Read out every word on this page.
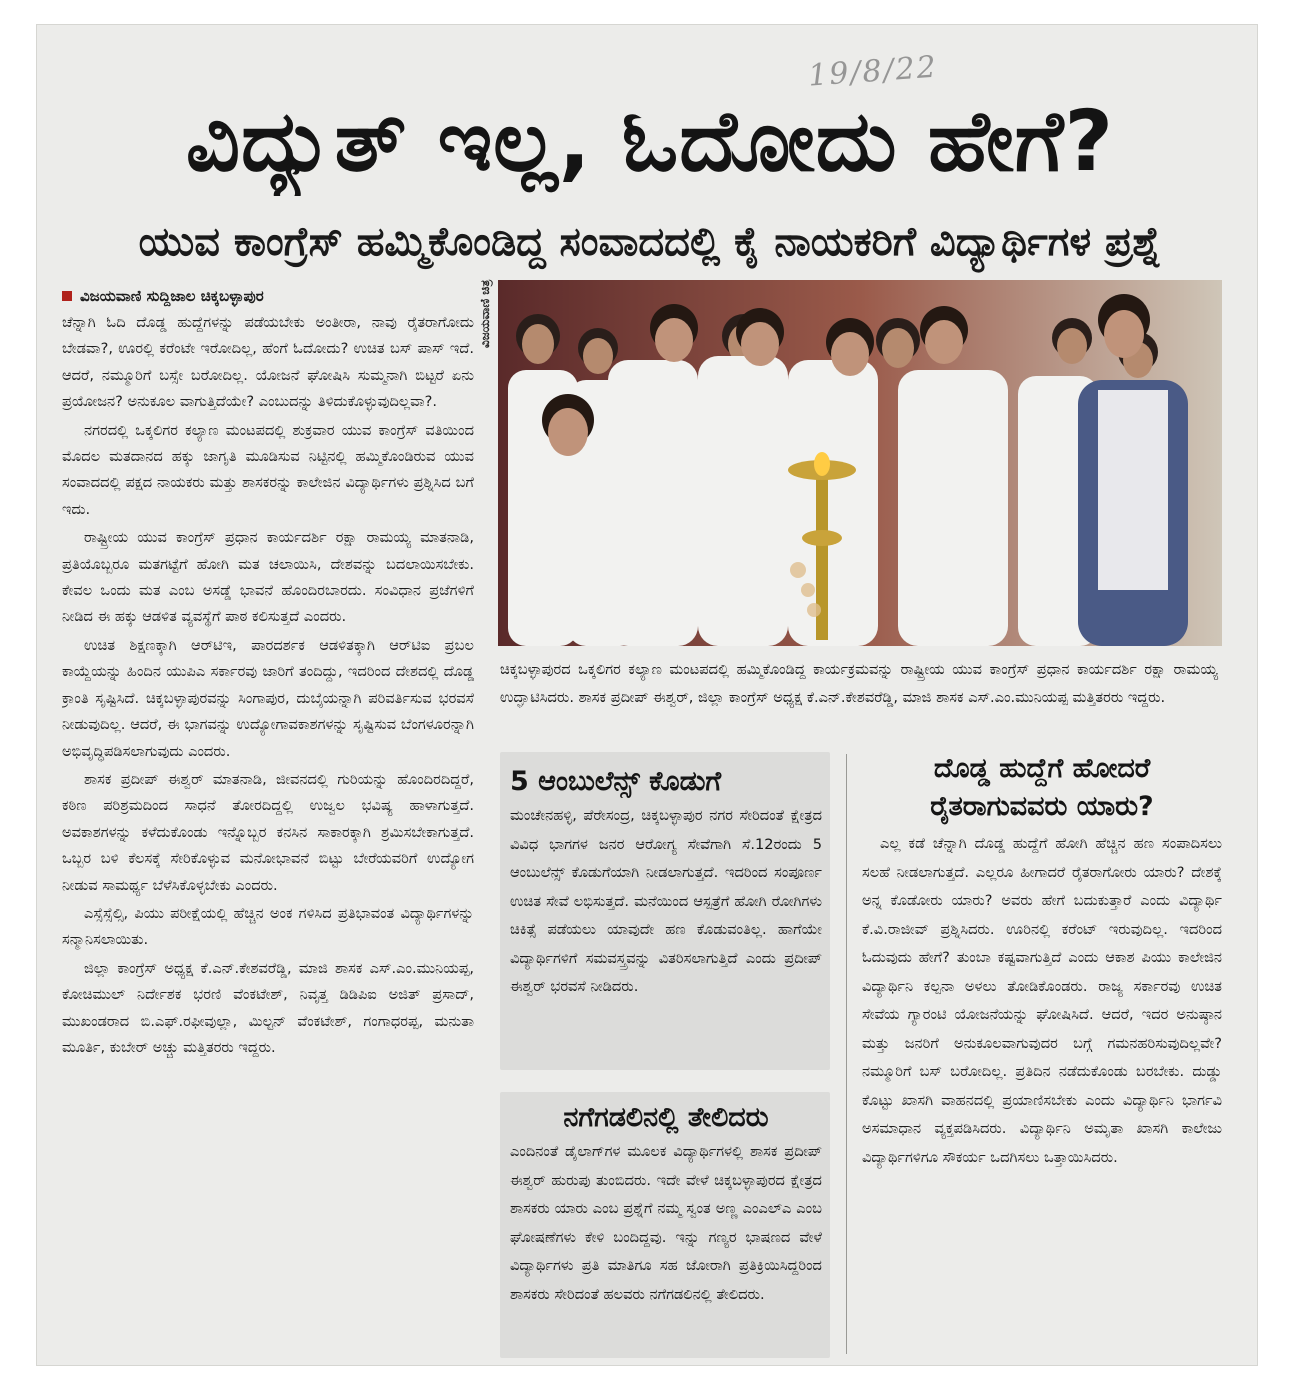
19/8/22
ವಿದ್ಯುತ್ ಇಲ್ಲ, ಓದೋದು ಹೇಗೆ?
ಯುವ ಕಾಂಗ್ರೆಸ್ ಹಮ್ಮಿಕೊಂಡಿದ್ದ ಸಂವಾದದಲ್ಲಿ ಕೈ ನಾಯಕರಿಗೆ ವಿದ್ಯಾರ್ಥಿಗಳ ಪ್ರಶ್ನೆ
ವಿಜಯವಾಣಿ ಸುದ್ದಿಜಾಲ ಚಿಕ್ಕಬಳ್ಳಾಪುರ

ಚೆನ್ನಾಗಿ ಓದಿ ದೊಡ್ಡ ಹುದ್ದೆಗಳನ್ನು ಪಡೆಯಬೇಕು ಅಂತೀರಾ, ನಾವು ರೈತರಾಗೋದು ಬೇಡವಾ?, ಊರಲ್ಲಿ ಕರೆಂಟೇ ಇರೋದಿಲ್ಲ, ಹೆಂಗೆ ಓದೋದು? ಉಚಿತ ಬಸ್ ಪಾಸ್ ಇದೆ. ಆದರೆ, ನಮ್ಮೂರಿಗೆ ಬಸ್ಸೇ ಬರೋದಿಲ್ಲ. ಯೋಜನೆ ಘೋಷಿಸಿ ಸುಮ್ಮನಾಗಿ ಬಿಟ್ಟರೆ ಏನು ಪ್ರಯೋಜನ? ಅನುಕೂಲ ವಾಗುತ್ತಿದೆಯೇ? ಎಂಬುದನ್ನು ತಿಳಿದುಕೊಳ್ಳುವುದಿಲ್ಲವಾ?.

ನಗರದಲ್ಲಿ ಒಕ್ಕಲಿಗರ ಕಲ್ಯಾಣ ಮಂಟಪದಲ್ಲಿ ಶುಕ್ರವಾರ ಯುವ ಕಾಂಗ್ರೆಸ್ ವತಿಯಿಂದ ಮೊದಲ ಮತದಾನದ ಹಕ್ಕು ಜಾಗೃತಿ ಮೂಡಿಸುವ ನಿಟ್ಟಿನಲ್ಲಿ ಹಮ್ಮಿಕೊಂಡಿರುವ ಯುವ ಸಂವಾದದಲ್ಲಿ ಪಕ್ಷದ ನಾಯಕರು ಮತ್ತು ಶಾಸಕರನ್ನು ಕಾಲೇಜಿನ ವಿದ್ಯಾರ್ಥಿಗಳು ಪ್ರಶ್ನಿಸಿದ ಬಗೆ ಇದು.

ರಾಷ್ಟ್ರೀಯ ಯುವ ಕಾಂಗ್ರೆಸ್ ಪ್ರಧಾನ ಕಾರ್ಯದರ್ಶಿ ರಕ್ಷಾ ರಾಮಯ್ಯ ಮಾತನಾಡಿ, ಪ್ರತಿಯೊಬ್ಬರೂ ಮತಗಟ್ಟೆಗೆ ಹೋಗಿ ಮತ ಚಲಾಯಿಸಿ, ದೇಶವನ್ನು ಬದಲಾಯಿಸಬೇಕು. ಕೇವಲ ಒಂದು ಮತ ಎಂಬ ಅಸಡ್ಡೆ ಭಾವನೆ ಹೊಂದಿರಬಾರದು. ಸಂವಿಧಾನ ಪ್ರಜೆಗಳಿಗೆ ನೀಡಿದ ಈ ಹಕ್ಕು ಆಡಳಿತ ವ್ಯವಸ್ಥೆಗೆ ಪಾಠ ಕಲಿಸುತ್ತದೆ ಎಂದರು.

ಉಚಿತ ಶಿಕ್ಷಣಕ್ಕಾಗಿ ಆರ್‌ಟಿಇ, ಪಾರದರ್ಶಕ ಆಡಳಿತಕ್ಕಾಗಿ ಆರ್‌ಟಿಐ ಪ್ರಬಲ ಕಾಯ್ದೆಯನ್ನು ಹಿಂದಿನ ಯುಪಿಎ ಸರ್ಕಾರವು ಜಾರಿಗೆ ತಂದಿದ್ದು, ಇದರಿಂದ ದೇಶದಲ್ಲಿ ದೊಡ್ಡ ಕ್ರಾಂತಿ ಸೃಷ್ಟಿಸಿದೆ. ಚಿಕ್ಕಬಳ್ಳಾಪುರವನ್ನು ಸಿಂಗಾಪುರ, ದುಬೈಯನ್ನಾಗಿ ಪರಿವರ್ತಿಸುವ ಭರವಸೆ ನೀಡುವುದಿಲ್ಲ. ಆದರೆ, ಈ ಭಾಗವನ್ನು ಉದ್ಯೋಗಾವಕಾಶಗಳನ್ನು ಸೃಷ್ಟಿಸುವ ಬೆಂಗಳೂರನ್ನಾಗಿ ಅಭಿವೃದ್ಧಿಪಡಿಸಲಾಗುವುದು ಎಂದರು.

ಶಾಸಕ ಪ್ರದೀಪ್ ಈಶ್ವರ್ ಮಾತನಾಡಿ, ಜೀವನದಲ್ಲಿ ಗುರಿಯನ್ನು ಹೊಂದಿರದಿದ್ದರೆ, ಕಠಿಣ ಪರಿಶ್ರಮದಿಂದ ಸಾಧನೆ ತೋರದಿದ್ದಲ್ಲಿ ಉಜ್ವಲ ಭವಿಷ್ಯ ಹಾಳಾಗುತ್ತದೆ. ಅವಕಾಶಗಳನ್ನು ಕಳೆದುಕೊಂಡು ಇನ್ನೊಬ್ಬರ ಕನಸಿನ ಸಾಕಾರಕ್ಕಾಗಿ ಶ್ರಮಿಸಬೇಕಾಗುತ್ತದೆ. ಒಬ್ಬರ ಬಳಿ ಕೆಲಸಕ್ಕೆ ಸೇರಿಕೊಳ್ಳುವ ಮನೋಭಾವನೆ ಬಿಟ್ಟು ಬೇರೆಯವರಿಗೆ ಉದ್ಯೋಗ ನೀಡುವ ಸಾಮರ್ಥ್ಯ ಬೆಳೆಸಿಕೊಳ್ಳಬೇಕು ಎಂದರು.

ಎಸ್ಸೆಸ್ಸೆಲ್ಸಿ, ಪಿಯು ಪರೀಕ್ಷೆಯಲ್ಲಿ ಹೆಚ್ಚಿನ ಅಂಕ ಗಳಿಸಿದ ಪ್ರತಿಭಾವಂತ ವಿದ್ಯಾರ್ಥಿಗಳನ್ನು ಸನ್ಮಾನಿಸಲಾಯಿತು.

ಜಿಲ್ಲಾ ಕಾಂಗ್ರೆಸ್ ಅಧ್ಯಕ್ಷ ಕೆ.ಎನ್.ಕೇಶವರೆಡ್ಡಿ, ಮಾಜಿ ಶಾಸಕ ಎಸ್.ಎಂ.ಮುನಿಯಪ್ಪ, ಕೋಚಿಮುಲ್ ನಿರ್ದೇಶಕ ಭರಣಿ ವೆಂಕಟೇಶ್, ನಿವೃತ್ತ ಡಿಡಿಪಿಐ ಅಜಿತ್ ಪ್ರಸಾದ್, ಮುಖಂಡರಾದ ಬಿ.ಎಫ್.ರಫೀವುಲ್ಲಾ, ಮಿಲ್ಟನ್ ವೆಂಕಟೇಶ್, ಗಂಗಾಧರಪ್ಪ, ಮನುತಾ ಮೂರ್ತಿ, ಕುಬೇರ್ ಅಚ್ಚು ಮತ್ತಿತರರು ಇದ್ದರು.

ವಿಜಯವಾಣಿ ಚಿತ್ರ
ಚಿಕ್ಕಬಳ್ಳಾಪುರದ ಒಕ್ಕಲಿಗರ ಕಲ್ಯಾಣ ಮಂಟಪದಲ್ಲಿ ಹಮ್ಮಿಕೊಂಡಿದ್ದ ಕಾರ್ಯಕ್ರಮವನ್ನು ರಾಷ್ಟ್ರೀಯ ಯುವ ಕಾಂಗ್ರೆಸ್ ಪ್ರಧಾನ ಕಾರ್ಯದರ್ಶಿ ರಕ್ಷಾ ರಾಮಯ್ಯ ಉದ್ಘಾಟಿಸಿದರು. ಶಾಸಕ ಪ್ರದೀಪ್ ಈಶ್ವರ್, ಜಿಲ್ಲಾ ಕಾಂಗ್ರೆಸ್ ಅಧ್ಯಕ್ಷ ಕೆ.ಎನ್.ಕೇಶವರೆಡ್ಡಿ, ಮಾಜಿ ಶಾಸಕ ಎಸ್.ಎಂ.ಮುನಿಯಪ್ಪ ಮತ್ತಿತರರು ಇದ್ದರು.
5 ಆಂಬುಲೆನ್ಸ್ ಕೊಡುಗೆ
ಮಂಚೇನಹಳ್ಳಿ, ಪೆರೇಸಂದ್ರ, ಚಿಕ್ಕಬಳ್ಳಾಪುರ ನಗರ ಸೇರಿದಂತೆ ಕ್ಷೇತ್ರದ ವಿವಿಧ ಭಾಗಗಳ ಜನರ ಆರೋಗ್ಯ ಸೇವೆಗಾಗಿ ಸೆ.12ರಂದು 5 ಆಂಬುಲೆನ್ಸ್ ಕೊಡುಗೆಯಾಗಿ ನೀಡಲಾಗುತ್ತದೆ. ಇದರಿಂದ ಸಂಪೂರ್ಣ ಉಚಿತ ಸೇವೆ ಲಭಿಸುತ್ತದೆ. ಮನೆಯಿಂದ ಆಸ್ಪತ್ರೆಗೆ ಹೋಗಿ ರೋಗಿಗಳು ಚಿಕಿತ್ಸೆ ಪಡೆಯಲು ಯಾವುದೇ ಹಣ ಕೊಡುವಂತಿಲ್ಲ. ಹಾಗೆಯೇ ವಿದ್ಯಾರ್ಥಿಗಳಿಗೆ ಸಮವಸ್ತ್ರವನ್ನು ವಿತರಿಸಲಾಗುತ್ತಿದೆ ಎಂದು ಪ್ರದೀಪ್ ಈಶ್ವರ್ ಭರವಸೆ ನೀಡಿದರು.
ನಗೆಗಡಲಿನಲ್ಲಿ ತೇಲಿದರು
ಎಂದಿನಂತೆ ಡೈಲಾಗ್‌ಗಳ ಮೂಲಕ ವಿದ್ಯಾರ್ಥಿಗಳಲ್ಲಿ ಶಾಸಕ ಪ್ರದೀಪ್ ಈಶ್ವರ್ ಹುರುಪು ತುಂಬಿದರು. ಇದೇ ವೇಳೆ ಚಿಕ್ಕಬಳ್ಳಾಪುರದ ಕ್ಷೇತ್ರದ ಶಾಸಕರು ಯಾರು ಎಂಬ ಪ್ರಶ್ನೆಗೆ ನಮ್ಮ ಸ್ವಂತ ಅಣ್ಣ ಎಂಎಲ್‌ಎ ಎಂಬ ಘೋಷಣೆಗಳು ಕೇಳಿ ಬಂದಿದ್ದವು. ಇನ್ನು ಗಣ್ಯರ ಭಾಷಣದ ವೇಳೆ ವಿದ್ಯಾರ್ಥಿಗಳು ಪ್ರತಿ ಮಾತಿಗೂ ಸಹ ಜೋರಾಗಿ ಪ್ರತಿಕ್ರಿಯಿಸಿದ್ದರಿಂದ ಶಾಸಕರು ಸೇರಿದಂತೆ ಹಲವರು ನಗೆಗಡಲಿನಲ್ಲಿ ತೇಲಿದರು.
ದೊಡ್ಡ ಹುದ್ದೆಗೆ ಹೋದರೆ
ರೈತರಾಗುವವರು ಯಾರು?
ಎಲ್ಲ ಕಡೆ ಚೆನ್ನಾಗಿ ದೊಡ್ಡ ಹುದ್ದೆಗೆ ಹೋಗಿ ಹೆಚ್ಚಿನ ಹಣ ಸಂಪಾದಿಸಲು ಸಲಹೆ ನೀಡಲಾಗುತ್ತದೆ. ಎಲ್ಲರೂ ಹೀಗಾದರೆ ರೈತರಾಗೋರು ಯಾರು? ದೇಶಕ್ಕೆ ಅನ್ನ ಕೊಡೋರು ಯಾರು? ಅವರು ಹೇಗೆ ಬದುಕುತ್ತಾರೆ ಎಂದು ವಿದ್ಯಾರ್ಥಿ ಕೆ.ವಿ.ರಾಜೀವ್ ಪ್ರಶ್ನಿಸಿದರು. ಊರಿನಲ್ಲಿ ಕರೆಂಟ್ ಇರುವುದಿಲ್ಲ. ಇದರಿಂದ ಓದುವುದು ಹೇಗೆ? ತುಂಬಾ ಕಷ್ಟವಾಗುತ್ತಿದೆ ಎಂದು ಆಕಾಶ ಪಿಯು ಕಾಲೇಜಿನ ವಿದ್ಯಾರ್ಥಿನಿ ಕಲ್ಪನಾ ಅಳಲು ತೋಡಿಕೊಂಡರು. ರಾಜ್ಯ ಸರ್ಕಾರವು ಉಚಿತ ಸೇವೆಯ ಗ್ಯಾರಂಟಿ ಯೋಜನೆಯನ್ನು ಘೋಷಿಸಿದೆ. ಆದರೆ, ಇದರ ಅನುಷ್ಠಾನ ಮತ್ತು ಜನರಿಗೆ ಅನುಕೂಲವಾಗುವುದರ ಬಗ್ಗೆ ಗಮನಹರಿಸುವುದಿಲ್ಲವೇ? ನಮ್ಮೂರಿಗೆ ಬಸ್ ಬರೋದಿಲ್ಲ. ಪ್ರತಿದಿನ ನಡೆದುಕೊಂಡು ಬರಬೇಕು. ದುಡ್ಡು ಕೊಟ್ಟು ಖಾಸಗಿ ವಾಹನದಲ್ಲಿ ಪ್ರಯಾಣಿಸಬೇಕು ಎಂದು ವಿದ್ಯಾರ್ಥಿನಿ ಭಾರ್ಗವಿ ಅಸಮಾಧಾನ ವ್ಯಕ್ತಪಡಿಸಿದರು. ವಿದ್ಯಾರ್ಥಿನಿ ಅಮೃತಾ ಖಾಸಗಿ ಕಾಲೇಜು ವಿದ್ಯಾರ್ಥಿಗಳಿಗೂ ಸೌಕರ್ಯ ಒದಗಿಸಲು ಒತ್ತಾಯಿಸಿದರು.
